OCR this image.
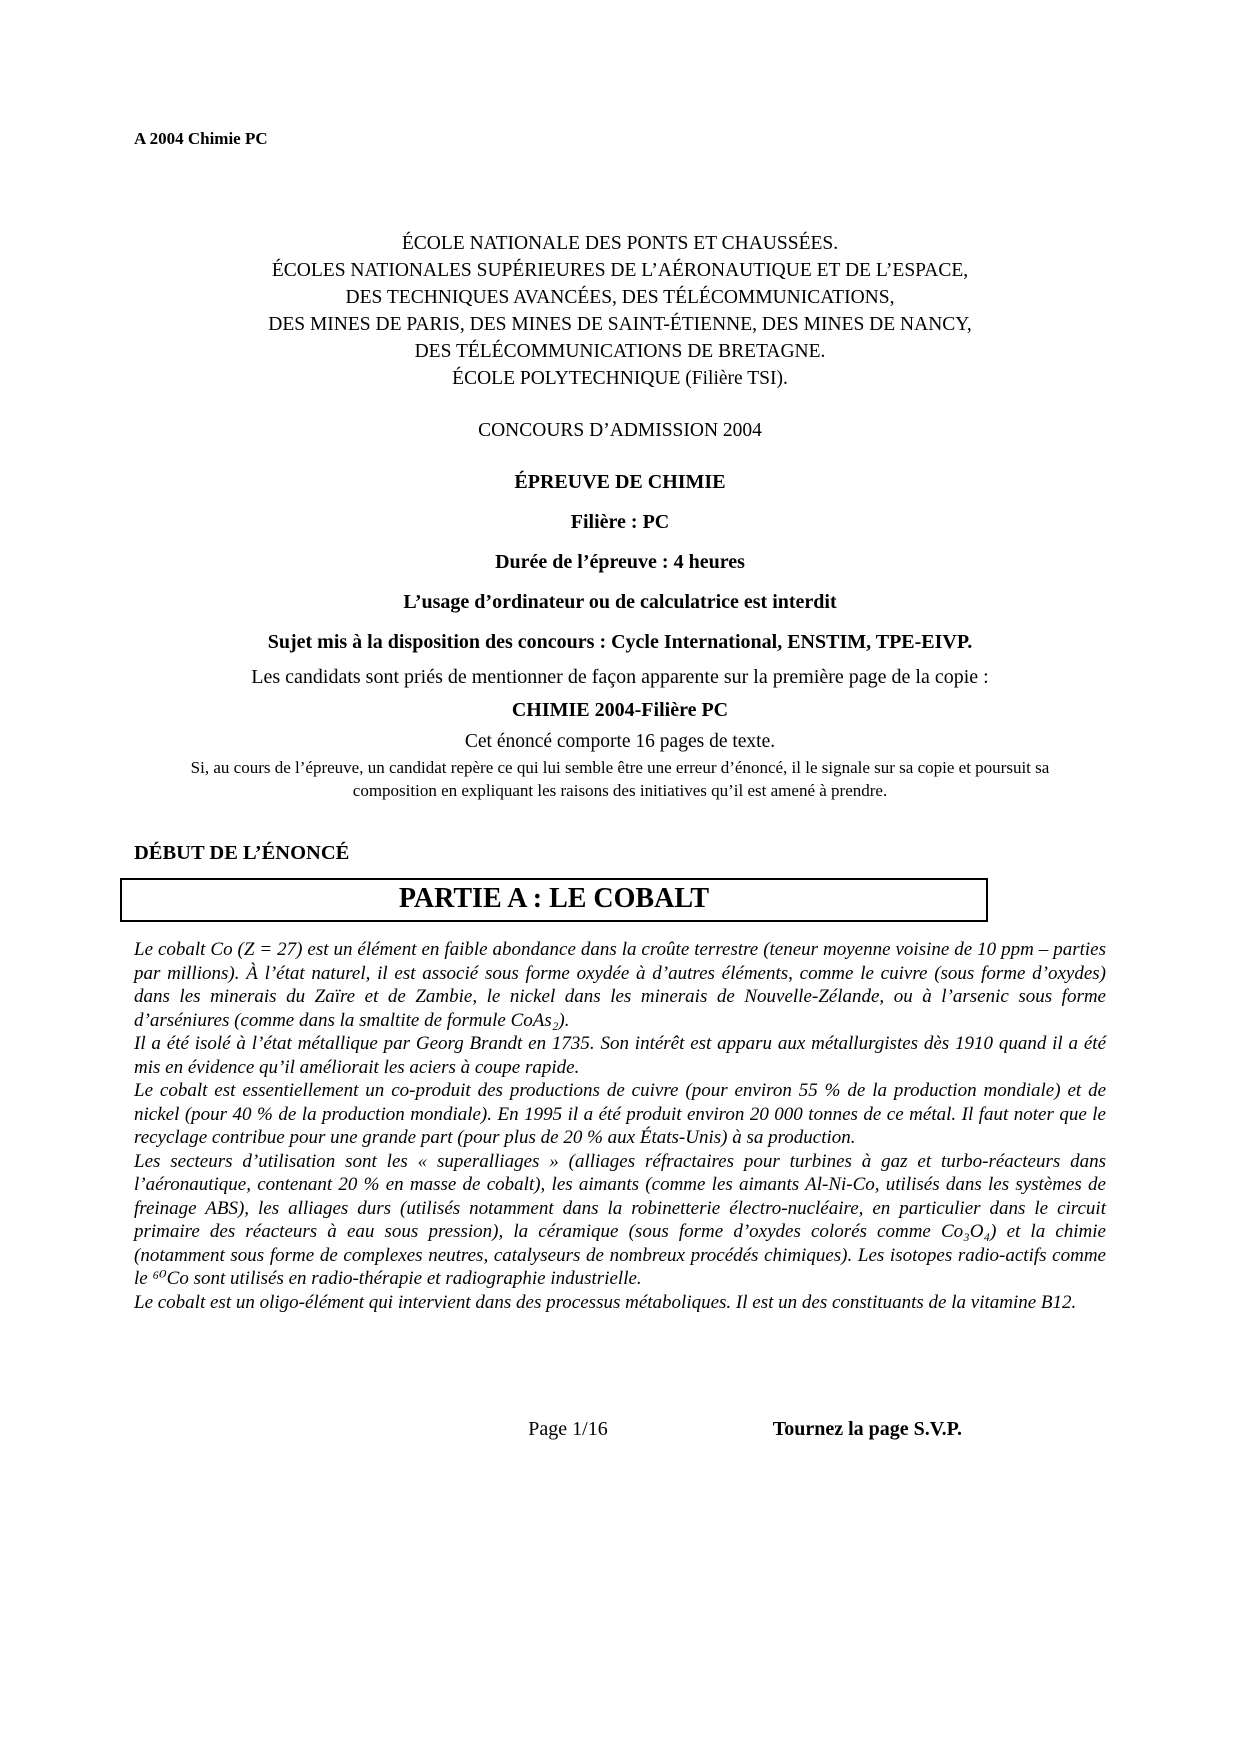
A 2004 Chimie PC
ÉCOLE NATIONALE DES PONTS ET CHAUSSÉES.
ÉCOLES NATIONALES SUPÉRIEURES DE L’AÉRONAUTIQUE ET DE L’ESPACE,
DES TECHNIQUES AVANCÉES, DES TÉLÉCOMMUNICATIONS,
DES MINES DE PARIS, DES MINES DE SAINT-ÉTIENNE, DES MINES DE NANCY,
DES TÉLÉCOMMUNICATIONS DE BRETAGNE.
ÉCOLE POLYTECHNIQUE (Filière TSI).
CONCOURS D’ADMISSION 2004
ÉPREUVE DE CHIMIE
Filière : PC
Durée de l’épreuve : 4 heures
L’usage d’ordinateur ou de calculatrice est interdit
Sujet mis à la disposition des concours : Cycle International, ENSTIM, TPE-EIVP.
Les candidats sont priés de mentionner de façon apparente sur la première page de la copie :
CHIMIE 2004-Filière PC
Cet énoncé comporte 16 pages de texte.
Si, au cours de l’épreuve, un candidat repère ce qui lui semble être une erreur d’énoncé, il le signale sur sa copie et poursuit sa composition en expliquant les raisons des initiatives qu’il est amené à prendre.
DÉBUT DE L’ÉNONCÉ
PARTIE A : LE COBALT

Le cobalt Co (Z = 27) est un élément en faible abondance dans la croûte terrestre (teneur moyenne voisine de 10 ppm – parties par millions). À l’état naturel, il est associé sous forme oxydée à d’autres éléments, comme le cuivre (sous forme d’oxydes) dans les minerais du Zaïre et de Zambie, le nickel dans les minerais de Nouvelle-Zélande, ou à l’arsenic sous forme d’arséniures (comme dans la smaltite de formule CoAs₂).

Il a été isolé à l’état métallique par Georg Brandt en 1735. Son intérêt est apparu aux métallurgistes dès 1910 quand il a été mis en évidence qu’il améliorait les aciers à coupe rapide.

Le cobalt est essentiellement un co-produit des productions de cuivre (pour environ 55 % de la production mondiale) et de nickel (pour 40 % de la production mondiale). En 1995 il a été produit environ 20 000 tonnes de ce métal. Il faut noter que le recyclage contribue pour une grande part (pour plus de 20 % aux États-Unis) à sa production.

Les secteurs d’utilisation sont les « superalliages » (alliages réfractaires pour turbines à gaz et turbo-réacteurs dans l’aéronautique, contenant 20 % en masse de cobalt), les aimants (comme les aimants Al-Ni-Co, utilisés dans les systèmes de freinage ABS), les alliages durs (utilisés notamment dans la robinetterie électro-nucléaire, en particulier dans le circuit primaire des réacteurs à eau sous pression), la céramique (sous forme d’oxydes colorés comme Co₃O₄) et la chimie (notamment sous forme de complexes neutres, catalyseurs de nombreux procédés chimiques). Les isotopes radio-actifs comme le ⁶⁰Co sont utilisés en radio-thérapie et radiographie industrielle.

Le cobalt est un oligo-élément qui intervient dans des processus métaboliques. Il est un des constituants de la vitamine B12.

Page 1/16	Tournez la page S.V.P.
